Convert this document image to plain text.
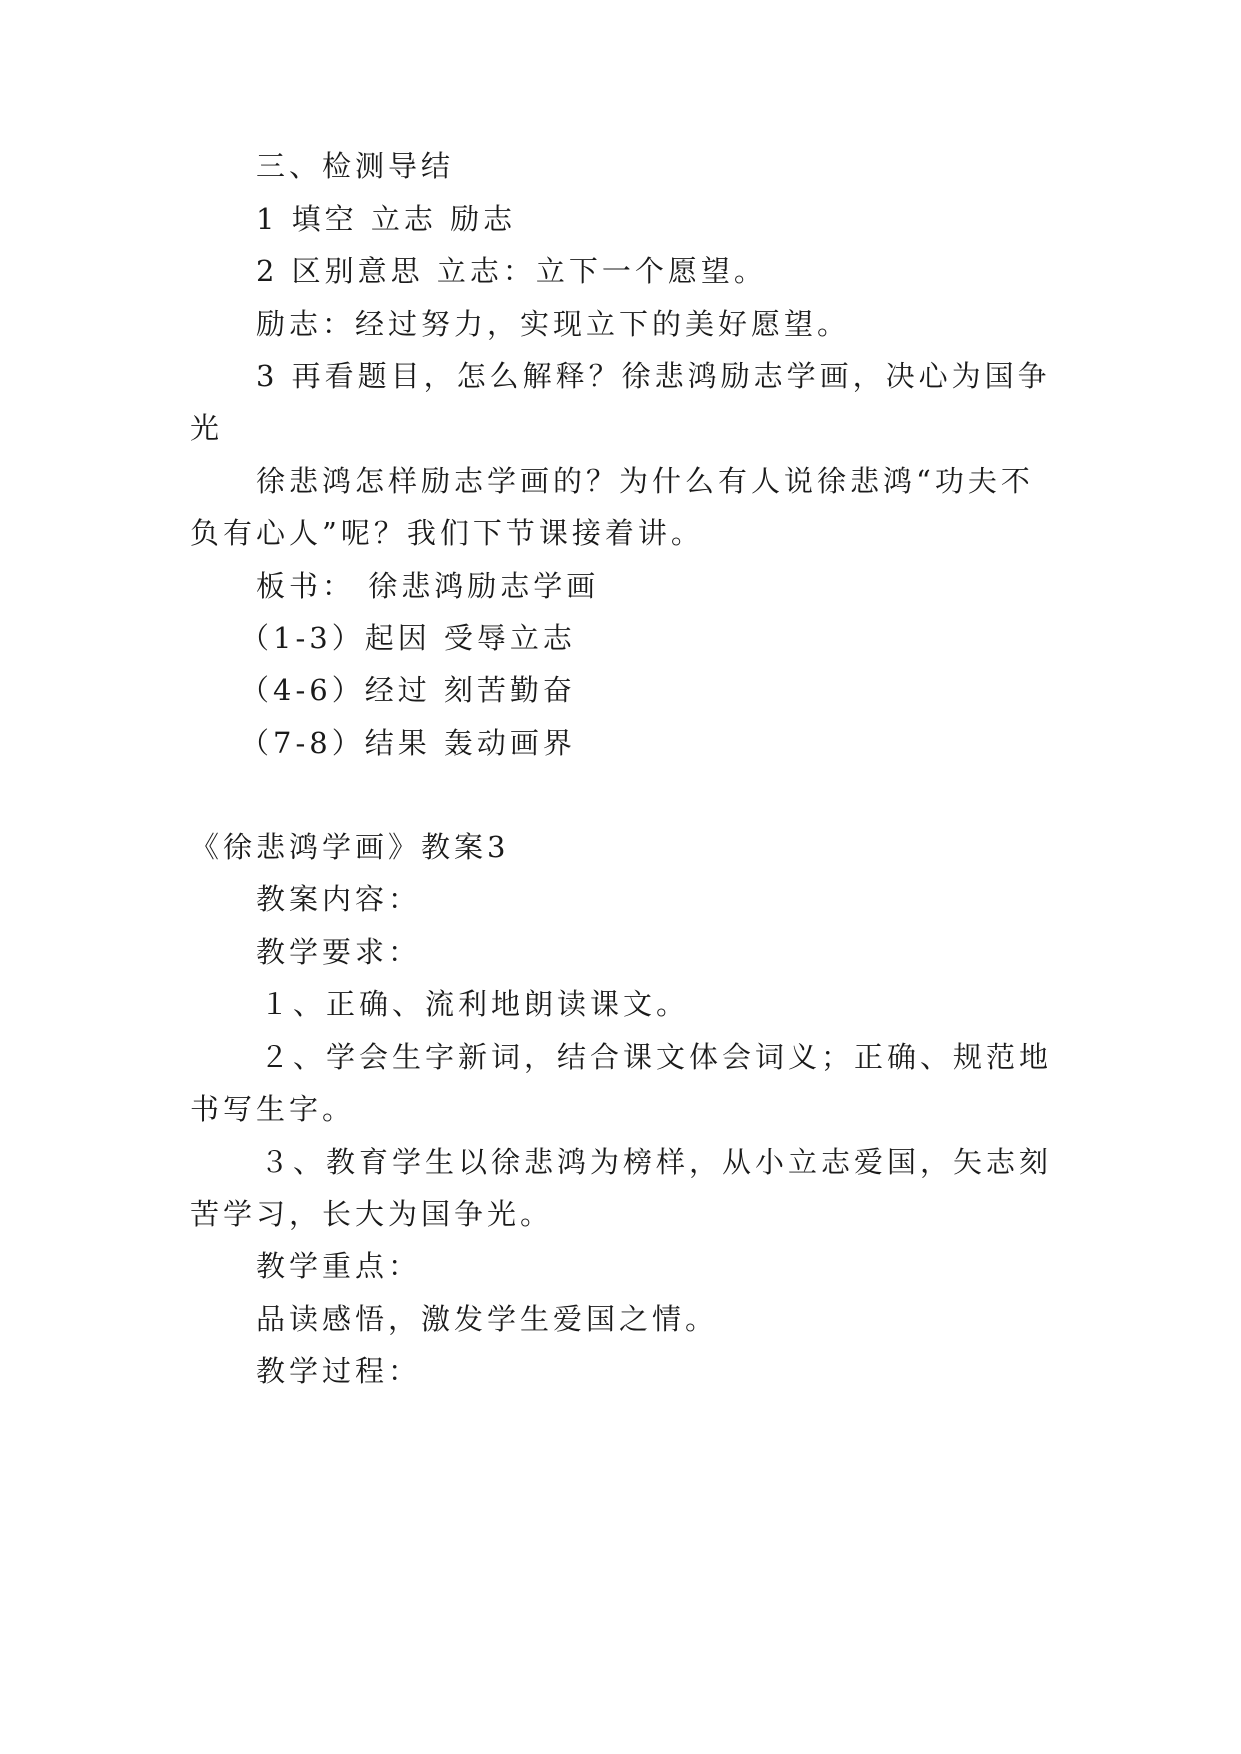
三、检测导结
1 填空 立志 励志
2 区别意思 立志：立下一个愿望。
励志：经过努力，实现立下的美好愿望。
3 再看题目，怎么解释？徐悲鸿励志学画，决心为国争
光
徐悲鸿怎样励志学画的？为什么有人说徐悲鸿“功夫不
负有心人”呢？我们下节课接着讲。
板书： 徐悲鸿励志学画
（1-3）起因 受辱立志
（4-6）经过 刻苦勤奋
（7-8）结果 轰动画界
《徐悲鸿学画》教案3
教案内容：
教学要求：
１、正确、流利地朗读课文。
２、学会生字新词，结合课文体会词义；正确、规范地
书写生字。
３、教育学生以徐悲鸿为榜样，从小立志爱国，矢志刻
苦学习，长大为国争光。
教学重点：
品读感悟，激发学生爱国之情。
教学过程：
